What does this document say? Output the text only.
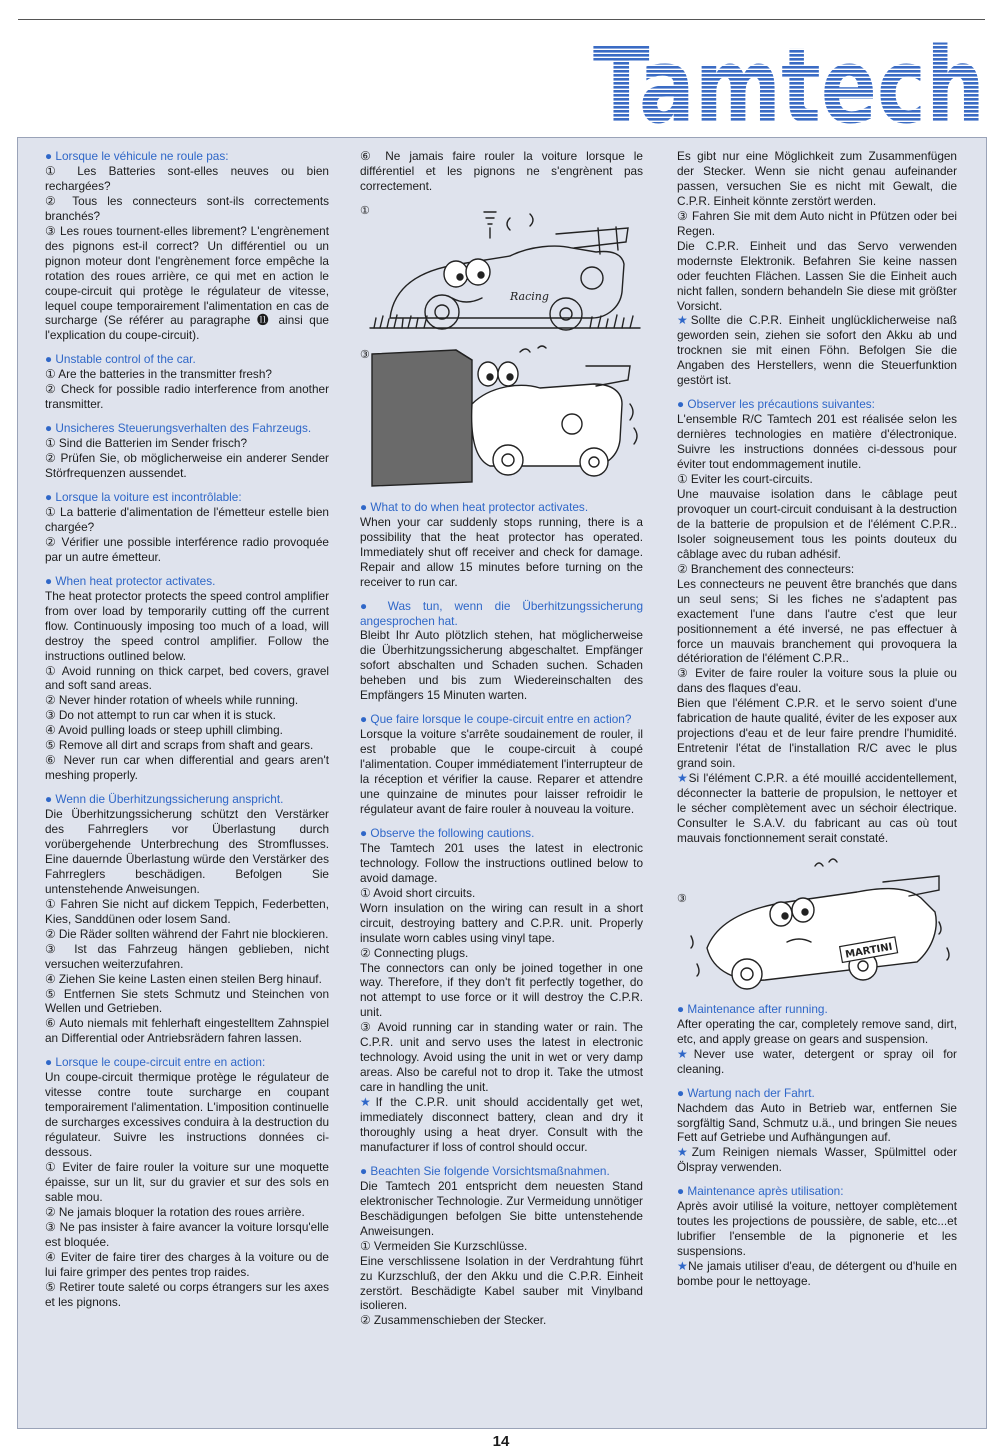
Tamtech

● Lorsque le véhicule ne roule pas:

① Les Batteries sont-elles neuves ou bien rechargées?

② Tous les connecteurs sont-ils correctements branchés?

③ Les roues tournent-elles librement? L'engrènement des pignons est-il correct? Un différentiel ou un pignon moteur dont l'engrènement force empêche la rotation des roues arrière, ce qui met en action le coupe-circuit qui protège le régulateur de vitesse, lequel coupe temporairement l'alimentation en cas de surcharge (Se référer au paragraphe ⓫ ainsi que l'explication du coupe-circuit).

● Unstable control of the car.

① Are the batteries in the transmitter fresh?

② Check for possible radio interference from another transmitter.

● Unsicheres Steuerungsverhalten des Fahrzeugs.

① Sind die Batterien im Sender frisch?

② Prüfen Sie, ob möglicherweise ein anderer Sender Störfrequenzen aussendet.

● Lorsque la voiture est incontrôlable:

① La batterie d'alimentation de l'émetteur estelle bien chargée?

② Vérifier une possible interférence radio provoquée par un autre émetteur.

● When heat protector activates.

The heat protector protects the speed control amplifier from over load by temporarily cutting off the current flow. Continuously imposing too much of a load, will destroy the speed control amplifier. Follow the instructions outlined below.

① Avoid running on thick carpet, bed covers, gravel and soft sand areas.

② Never hinder rotation of wheels while running.

③ Do not attempt to run car when it is stuck.

④ Avoid pulling loads or steep uphill climbing.

⑤ Remove all dirt and scraps from shaft and gears.

⑥ Never run car when differential and gears aren't meshing properly.

● Wenn die Überhitzungssicherung anspricht.

Die Überhitzungssicherung schützt den Verstärker des Fahrreglers vor Überlastung durch vorübergehende Unterbrechung des Stromflusses. Eine dauernde Überlastung würde den Verstärker des Fahrreglers beschädigen. Befolgen Sie untenstehende Anweisungen.

① Fahren Sie nicht auf dickem Teppich, Federbetten, Kies, Sanddünen oder losem Sand.

② Die Räder sollten während der Fahrt nie blockieren.

③ Ist das Fahrzeug hängen geblieben, nicht versuchen weiterzufahren.

④ Ziehen Sie keine Lasten einen steilen Berg hinauf.

⑤ Entfernen Sie stets Schmutz und Steinchen von Wellen und Getrieben.

⑥ Auto niemals mit fehlerhaft eingestelltem Zahnspiel an Differential oder Antriebsrädern fahren lassen.

● Lorsque le coupe-circuit entre en action:

Un coupe-circuit thermique protège le régulateur de vitesse contre toute surcharge en coupant temporairement l'alimentation. L'imposition continuelle de surcharges excessives conduira à la destruction du régulateur. Suivre les instructions données ci-dessous.

① Eviter de faire rouler la voiture sur une moquette épaisse, sur un lit, sur du gravier et sur des sols en sable mou.

② Ne jamais bloquer la rotation des roues arrière.

③ Ne pas insister à faire avancer la voiture lorsqu'elle est bloquée.

④ Eviter de faire tirer des charges à la voiture ou de lui faire grimper des pentes trop raides.

⑤ Retirer toute saleté ou corps étrangers sur les axes et les pignons.

⑥ Ne jamais faire rouler la voiture lorsque le différentiel et les pignons ne s'engrènent pas correctement.

①
Racing
③

● What to do when heat protector activates.

When your car suddenly stops running, there is a possibility that the heat protector has operated. Immediately shut off receiver and check for damage. Repair and allow 15 minutes before turning on the receiver to run car.

● Was tun, wenn die Überhitzungssicherung angesprochen hat.

Bleibt Ihr Auto plötzlich stehen, hat möglicherweise die Überhitzungssicherung abgeschaltet. Empfänger sofort abschalten und Schaden suchen. Schaden beheben und bis zum Wiedereinschalten des Empfängers 15 Minuten warten.

● Que faire lorsque le coupe-circuit entre en action?

Lorsque la voiture s'arrête soudainement de rouler, il est probable que le coupe-circuit à coupé l'alimentation. Couper immédiatement l'interrupteur de la réception et vérifier la cause. Reparer et attendre une quinzaine de minutes pour laisser refroidir le régulateur avant de faire rouler à nouveau la voiture.

● Observe the following cautions.

The Tamtech 201 uses the latest in electronic technology. Follow the instructions outlined below to avoid damage.

① Avoid short circuits.

Worn insulation on the wiring can result in a short circuit, destroying battery and C.P.R. unit. Properly insulate worn cables using vinyl tape.

② Connecting plugs.

The connectors can only be joined together in one way. Therefore, if they don't fit perfectly together, do not attempt to use force or it will destroy the C.P.R. unit.

③ Avoid running car in standing water or rain. The C.P.R. unit and servo uses the latest in electronic technology. Avoid using the unit in wet or very damp areas. Also be careful not to drop it. Take the utmost care in handling the unit.

★If the C.P.R. unit should accidentally get wet, immediately disconnect battery, clean and dry it thoroughly using a heat dryer. Consult with the manufacturer if loss of control should occur.

● Beachten Sie folgende Vorsichtsmaßnahmen.

Die Tamtech 201 entspricht dem neuesten Stand elektronischer Technologie. Zur Vermeidung unnötiger Beschädigungen befolgen Sie bitte untenstehende Anweisungen.

① Vermeiden Sie Kurzschlüsse.

Eine verschlissene Isolation in der Verdrahtung führt zu Kurzschluß, der den Akku und die C.P.R. Einheit zerstört. Beschädigte Kabel sauber mit Vinylband isolieren.

② Zusammenschieben der Stecker.

Es gibt nur eine Möglichkeit zum Zusammenfügen der Stecker. Wenn sie nicht genau aufeinander passen, versuchen Sie es nicht mit Gewalt, die C.P.R. Einheit könnte zerstört werden.

③ Fahren Sie mit dem Auto nicht in Pfützen oder bei Regen.

Die C.P.R. Einheit und das Servo verwenden modernste Elektronik. Befahren Sie keine nassen oder feuchten Flächen. Lassen Sie die Einheit auch nicht fallen, sondern behandeln Sie diese mit größter Vorsicht.

★Sollte die C.P.R. Einheit unglücklicherweise naß geworden sein, ziehen sie sofort den Akku ab und trocknen sie mit einen Föhn. Befolgen Sie die Angaben des Herstellers, wenn die Steuerfunktion gestört ist.

● Observer les précautions suivantes:

L'ensemble R/C Tamtech 201 est réalisée selon les dernières technologies en matière d'électronique. Suivre les instructions données ci-dessous pour éviter tout endommagement inutile.

① Eviter les court-circuits.

Une mauvaise isolation dans le câblage peut provoquer un court-circuit conduisant à la destruction de la batterie de propulsion et de l'élément C.P.R.. Isoler soigneusement tous les points douteux du câblage avec du ruban adhésif.

② Branchement des connecteurs:

Les connecteurs ne peuvent être branchés que dans un seul sens; Si les fiches ne s'adaptent pas exactement l'une dans l'autre c'est que leur positionnement a été inversé, ne pas effectuer à force un mauvais branchement qui provoquera la détérioration de l'élément C.P.R..

③ Eviter de faire rouler la voiture sous la pluie ou dans des flaques d'eau.

Bien que l'élément C.P.R. et le servo soient d'une fabrication de haute qualité, éviter de les exposer aux projections d'eau et de leur faire prendre l'humidité. Entretenir l'état de l'installation R/C avec le plus grand soin.

★Si l'élément C.P.R. a été mouillé accidentellement, déconnecter la batterie de propulsion, le nettoyer et le sécher complètement avec un séchoir électrique. Consulter le S.A.V. du fabricant au cas où tout mauvais fonctionnement serait constaté.

③
MARTINI

● Maintenance after running.

After operating the car, completely remove sand, dirt, etc, and apply grease on gears and suspension.

★Never use water, detergent or spray oil for cleaning.

● Wartung nach der Fahrt.

Nachdem das Auto in Betrieb war, entfernen Sie sorgfältig Sand, Schmutz u.ä., und bringen Sie neues Fett auf Getriebe und Aufhängungen auf.

★Zum Reinigen niemals Wasser, Spülmittel oder Ölspray verwenden.

● Maintenance après utilisation:

Après avoir utilisé la voiture, nettoyer complètement toutes les projections de poussière, de sable, etc...et lubrifier l'ensemble de la pignonerie et les suspensions.

★Ne jamais utiliser d'eau, de détergent ou d'huile en bombe pour le nettoyage.

14
